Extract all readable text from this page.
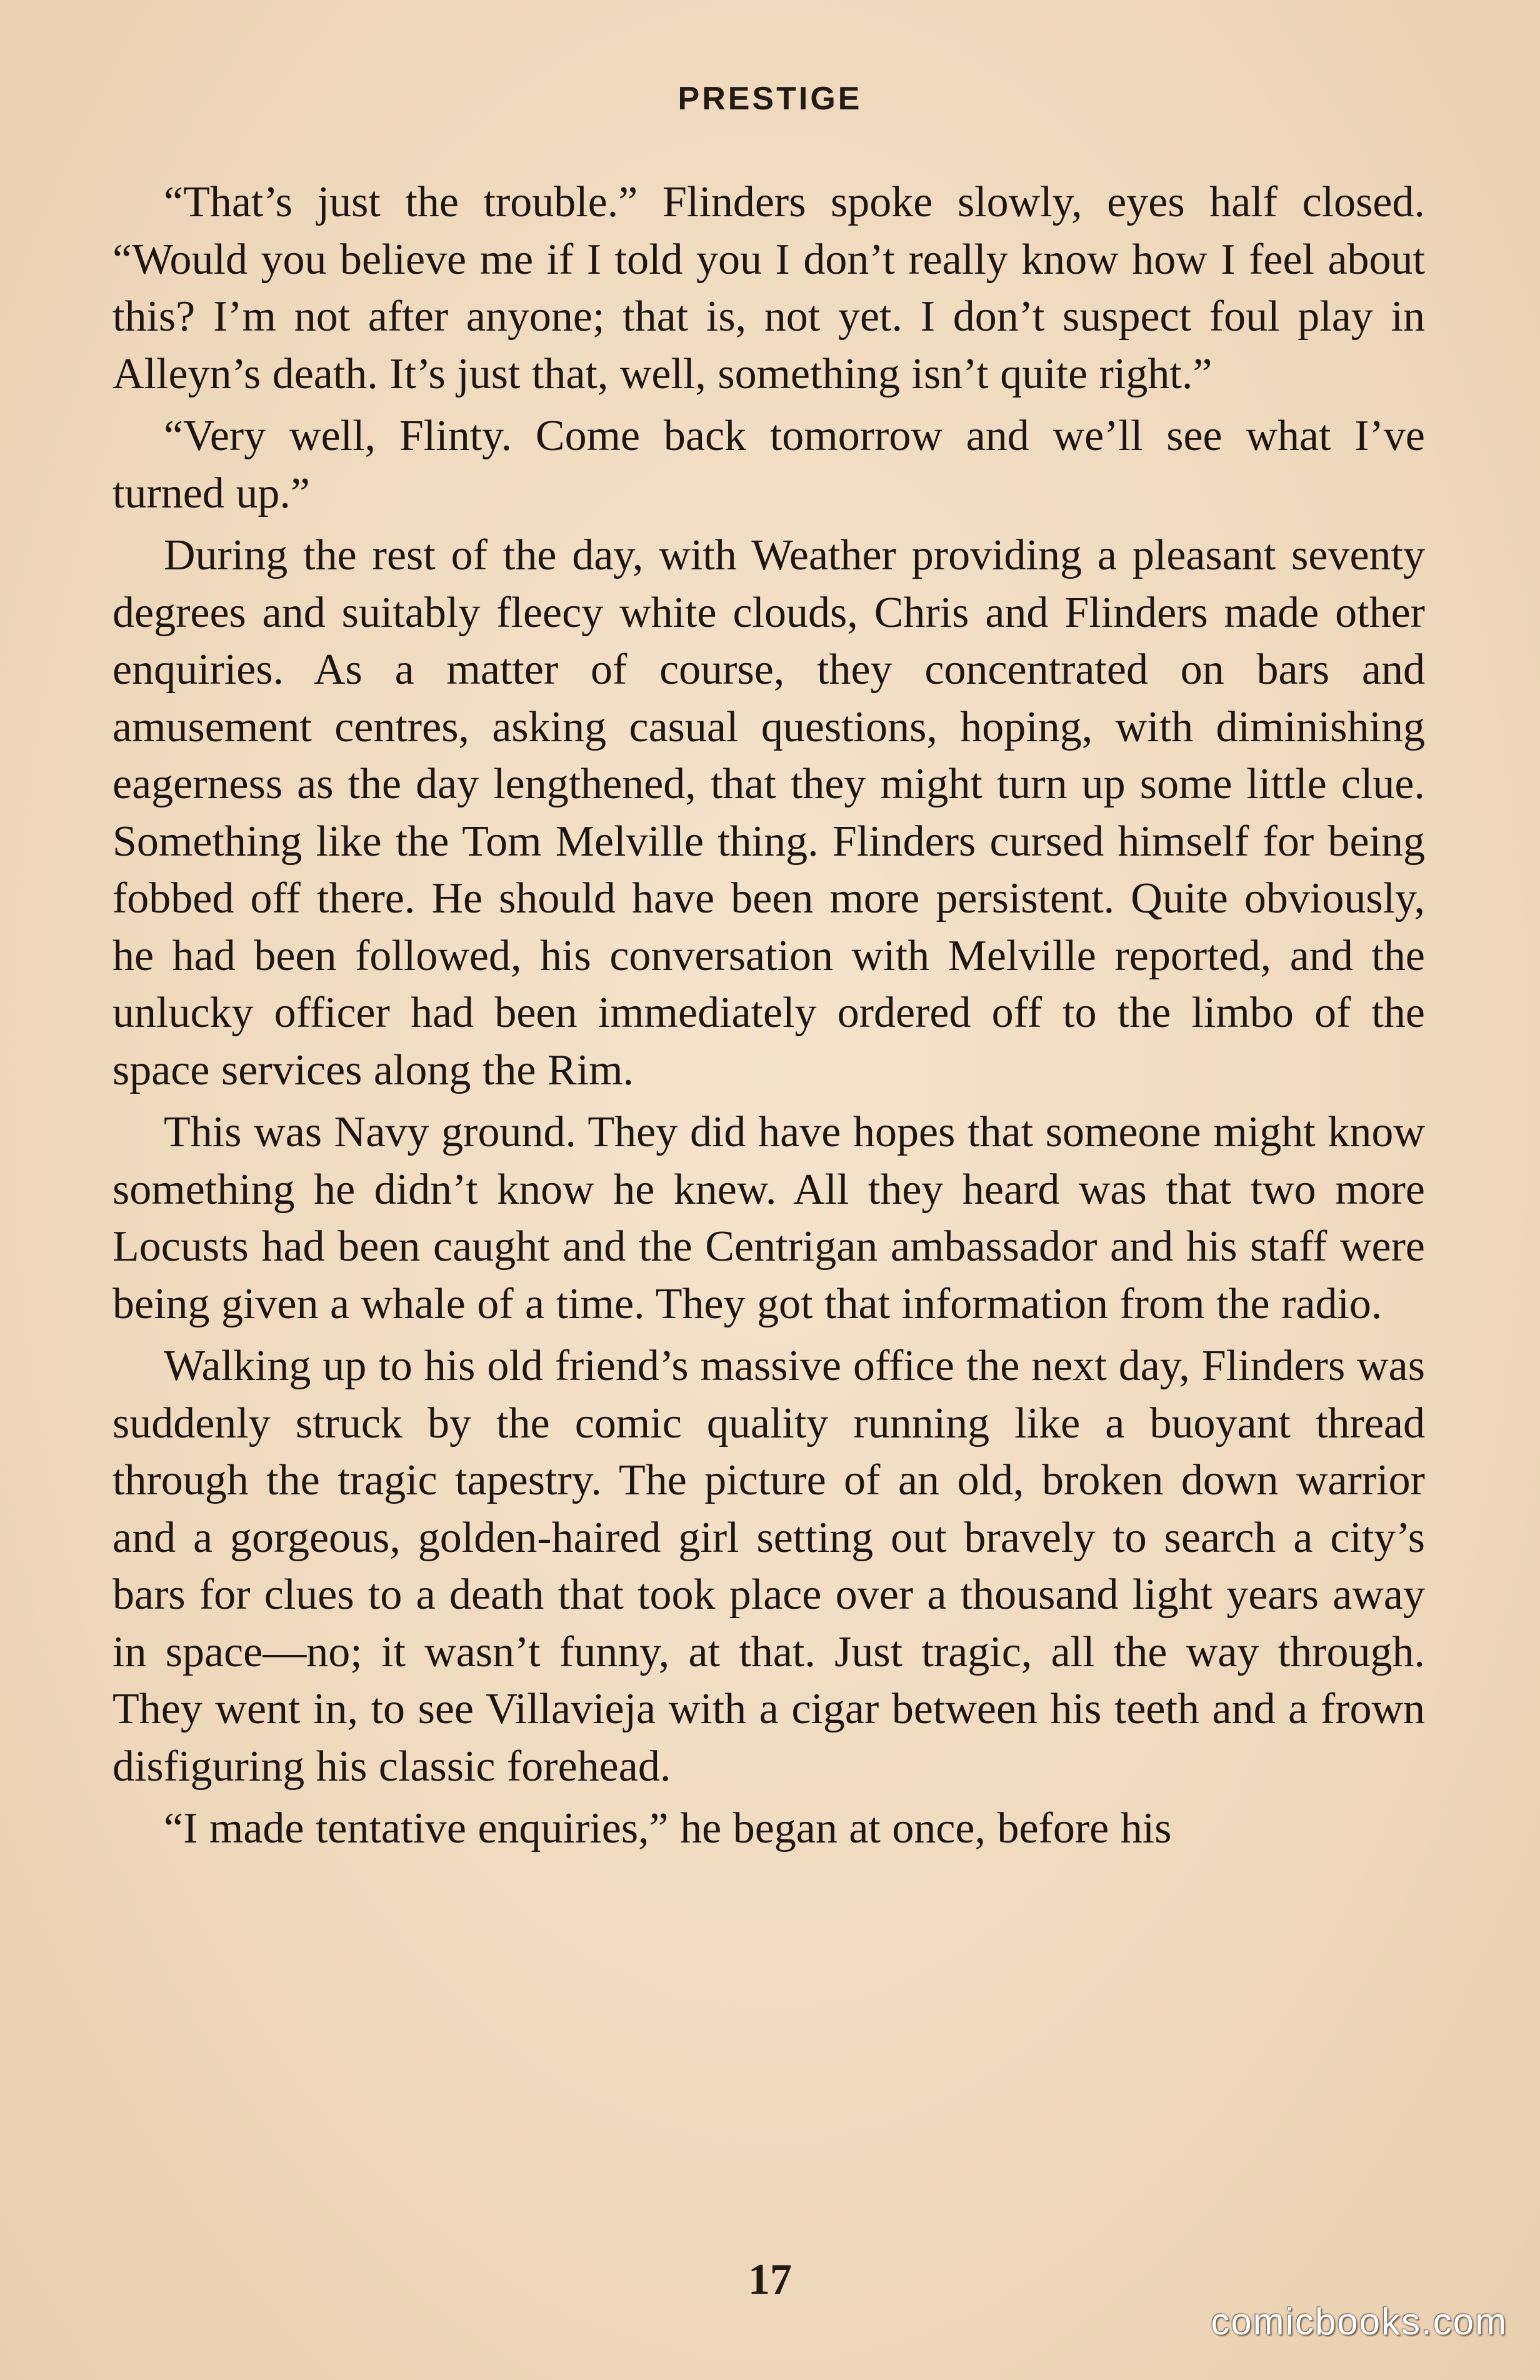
PRESTIGE

“That’s just the trouble.” Flinders spoke slowly, eyes half closed. “Would you believe me if I told you I don’t really know how I feel about this? I’m not after anyone; that is, not yet. I don’t suspect foul play in Alleyn’s death. It’s just that, well, something isn’t quite right.”

“Very well, Flinty. Come back tomorrow and we’ll see what I’ve turned up.”

During the rest of the day, with Weather providing a pleasant seventy degrees and suitably fleecy white clouds, Chris and Flinders made other enquiries. As a matter of course, they concentrated on bars and amusement centres, asking casual questions, hoping, with diminishing eagerness as the day lengthened, that they might turn up some little clue. Something like the Tom Melville thing. Flinders cursed himself for being fobbed off there. He should have been more persistent. Quite obviously, he had been followed, his conversation with Melville reported, and the unlucky officer had been immediately ordered off to the limbo of the space services along the Rim.

This was Navy ground. They did have hopes that someone might know something he didn’t know he knew. All they heard was that two more Locusts had been caught and the Centrigan ambassador and his staff were being given a whale of a time. They got that information from the radio.

Walking up to his old friend’s massive office the next day, Flinders was suddenly struck by the comic quality running like a buoyant thread through the tragic tapestry. The picture of an old, broken down warrior and a gorgeous, golden-haired girl setting out bravely to search a city’s bars for clues to a death that took place over a thousand light years away in space—no; it wasn’t funny, at that. Just tragic, all the way through. They went in, to see Villavieja with a cigar between his teeth and a frown disfiguring his classic forehead.

“I made tentative enquiries,” he began at once, before his

17
comicbooks.com
